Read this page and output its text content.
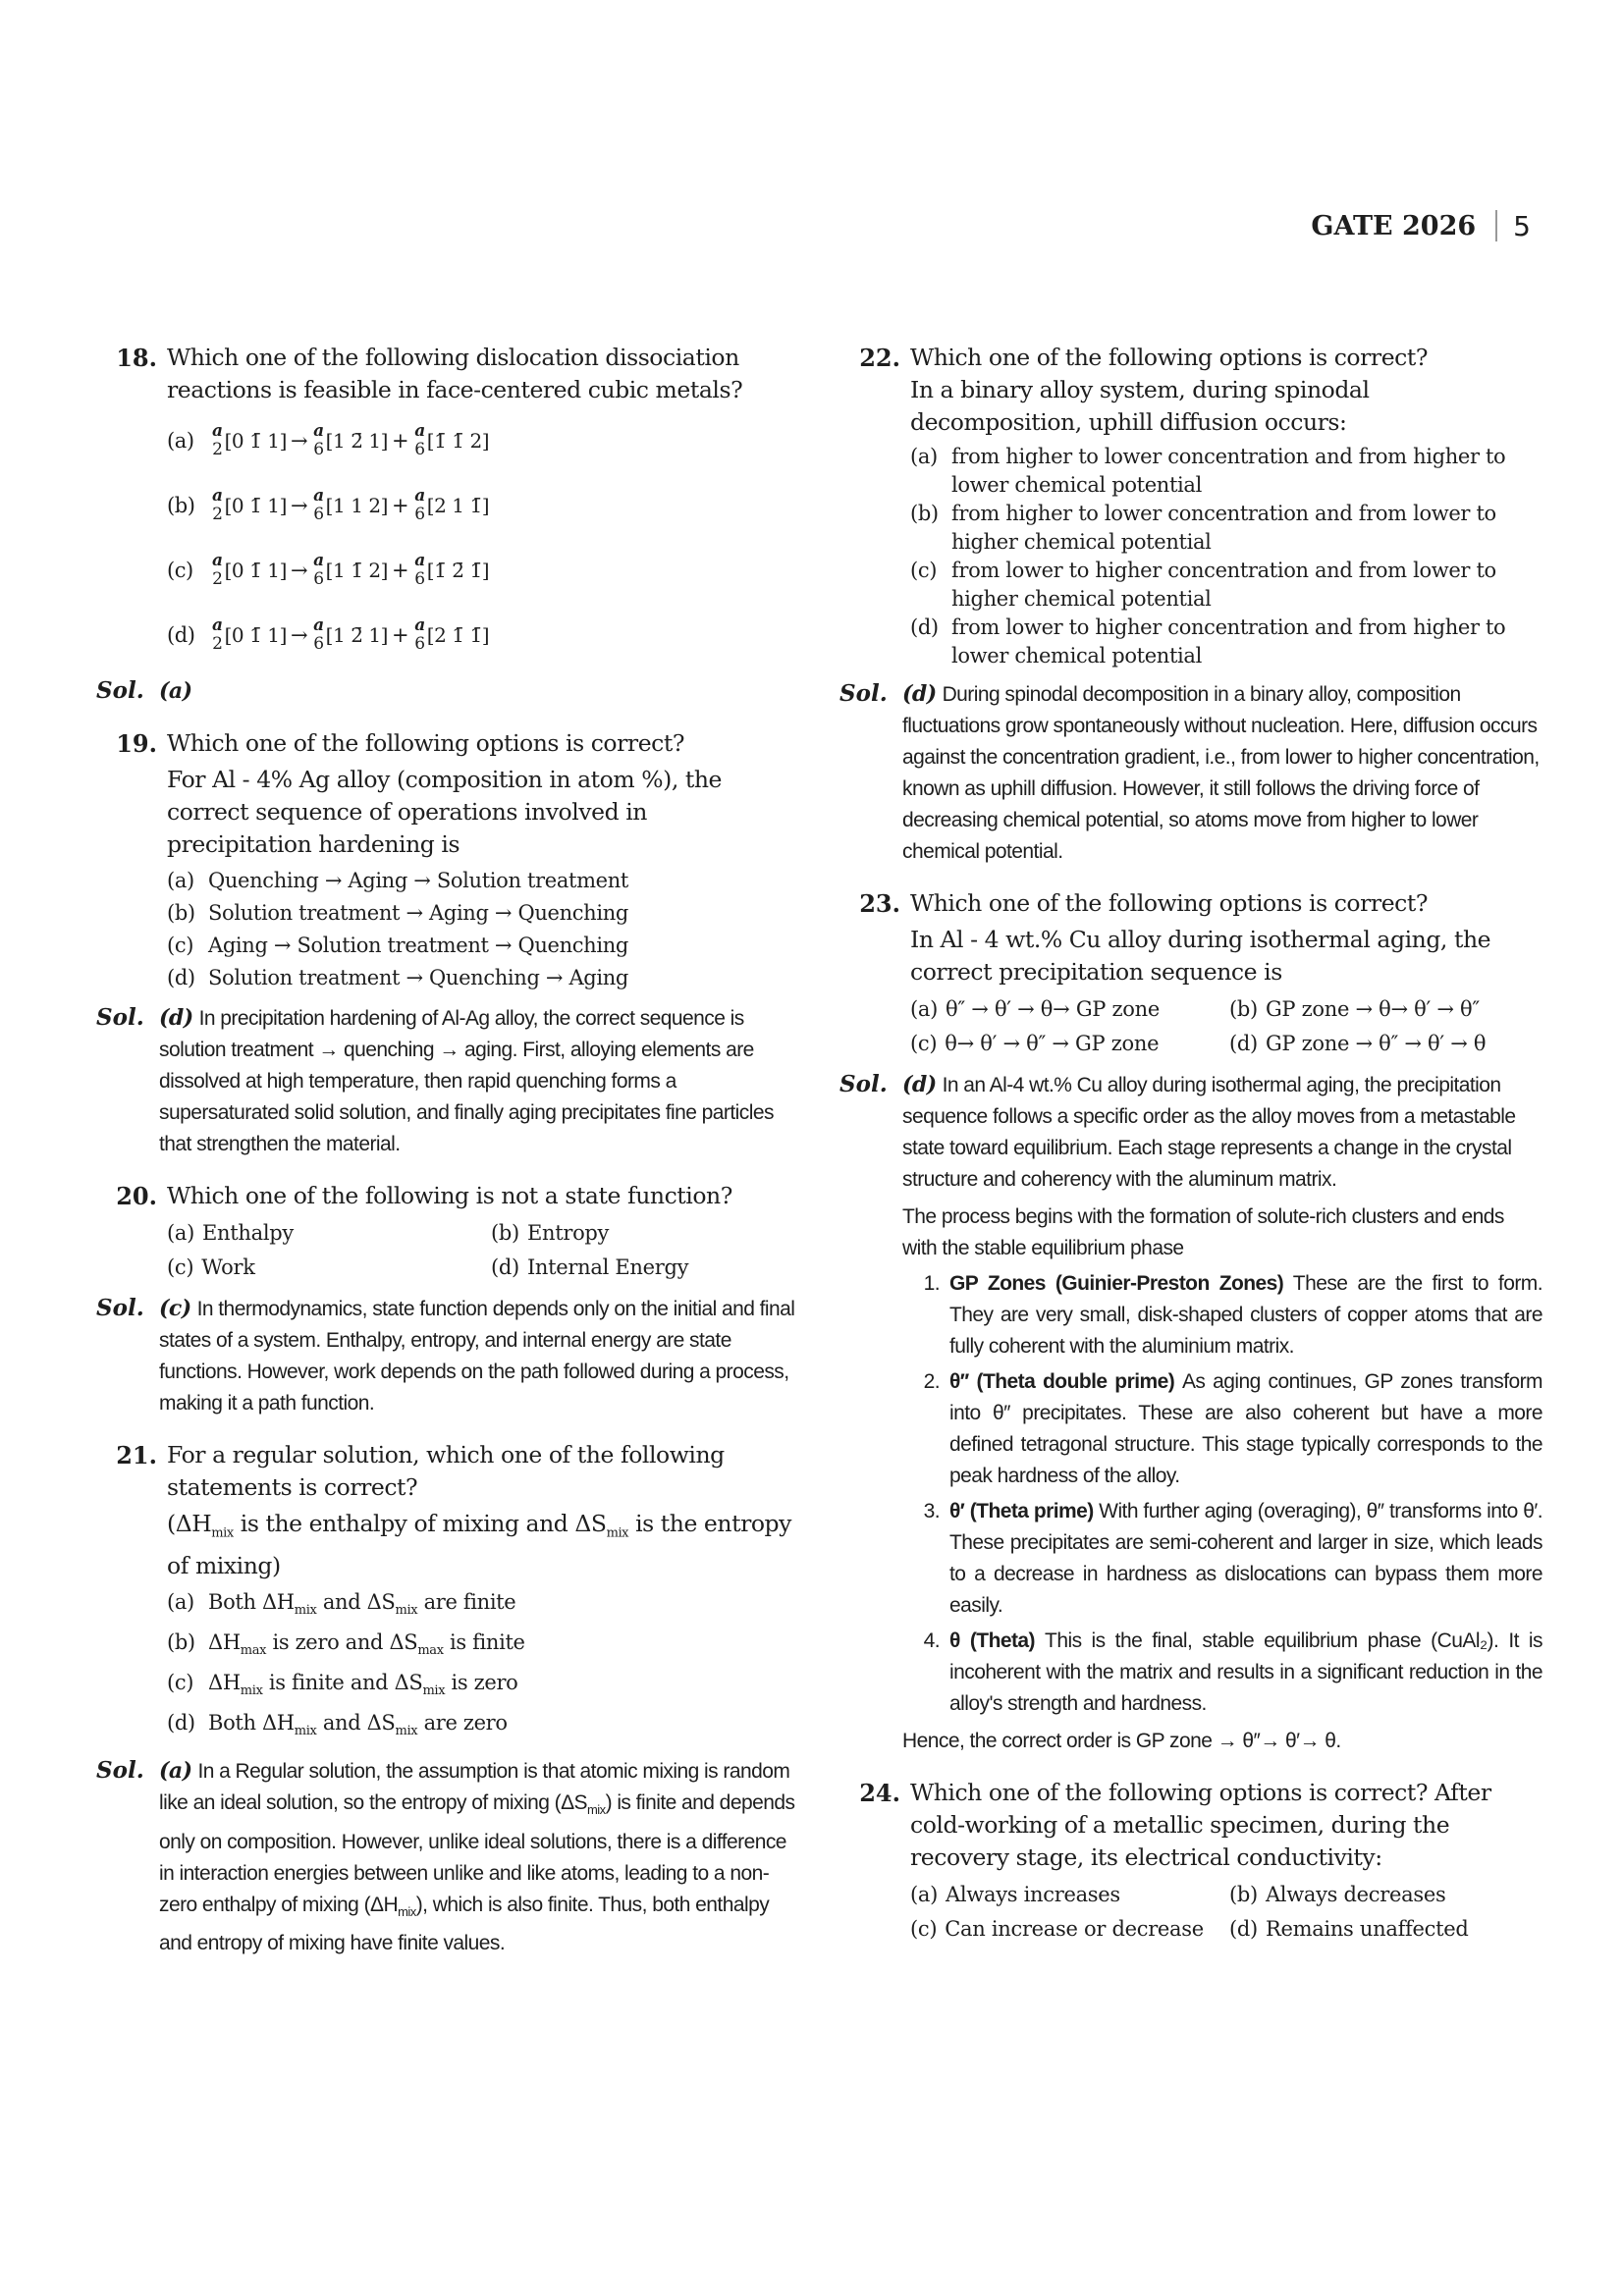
GATE 2026 5
18. Which one of the following dislocation dissociation reactions is feasible in face-centered cubic metals?
(a)	a
2 [0 1̄ 1] → a
6 [1 2̄ 1] + a
6 [1̄ 1̄ 2]
(b)	a
2 [0 1̄ 1] → a
6 [1 1 2] + a
6 [2 1 1̄]
(c)	a
2 [0 1̄ 1] → a
6 [1 1̄ 2] + a
6 [1̄ 2̄ 1̄]
(d)	a
2 [0 1̄ 1] → a
6 [1 2̄ 1] + a
6 [2 1̄ 1̄]
Sol. (a)
19. Which one of the following options is correct?
For Al - 4% Ag alloy (composition in atom %), the correct sequence of operations involved in precipitation hardening is
(a) Quenching → Aging → Solution treatment
(b) Solution treatment → Aging → Quenching
(c) Aging → Solution treatment → Quenching
(d) Solution treatment → Quenching → Aging
Sol. (d) In precipitation hardening of Al-Ag alloy, the correct sequence is solution treatment → quenching → aging. First, alloying elements are dissolved at high temperature, then rapid quenching forms a supersaturated solid solution, and finally aging precipitates fine particles that strengthen the material.
20. Which one of the following is not a state function?
(a) Enthalpy	(b) Entropy
(c) Work	(d) Internal Energy
Sol. (c) In thermodynamics, state function depends only on the initial and final states of a system. Enthalpy, entropy, and internal energy are state functions. However, work depends on the path followed during a process, making it a path function.
21. For a regular solution, which one of the following statements is correct?
($\Delta H_{mix}$ is the enthalpy of mixing and $\Delta S_{mix}$ is the entropy of mixing)
(a) Both $\Delta H_{mix}$ and $\Delta S_{mix}$ are finite
(b) $\Delta H_{max}$ is zero and $\Delta S_{max}$ is finite
(c) $\Delta H_{mix}$ is finite and $\Delta S_{mix}$ is zero
(d) Both $\Delta H_{mix}$ and $\Delta S_{mix}$ are zero
Sol. (a) In a Regular solution, the assumption is that atomic mixing is random like an ideal solution, so the entropy of mixing $(\Delta S_{mix})$ is finite and depends only on composition. However, unlike ideal solutions, there is a difference in interaction energies between unlike and like atoms, leading to a non-zero enthalpy of mixing $(\Delta H_{mix})$, which is also finite. Thus, both enthalpy and entropy of mixing have finite values.
22. Which one of the following options is correct?
In a binary alloy system, during spinodal decomposition, uphill diffusion occurs:
(a) from higher to lower concentration and from higher to lower chemical potential
(b) from higher to lower concentration and from lower to higher chemical potential
(c) from lower to higher concentration and from lower to higher chemical potential
(d) from lower to higher concentration and from higher to lower chemical potential
Sol. (d) During spinodal decomposition in a binary alloy, composition fluctuations grow spontaneously without nucleation. Here, diffusion occurs against the concentration gradient, i.e., from lower to higher concentration, known as uphill diffusion. However, it still follows the driving force of decreasing chemical potential, so atoms move from higher to lower chemical potential.
23. Which one of the following options is correct?
In Al - 4 wt.% Cu alloy during isothermal aging, the correct precipitation sequence is
(a) θ″ → θ′ → θ→ GP zone	(b) GP zone → θ→ θ′ → θ″
(c) θ→ θ′ → θ″ → GP zone	(d) GP zone → θ″ → θ′ → θ
Sol. (d) In an Al-4 wt.% Cu alloy during isothermal aging, the precipitation sequence follows a specific order as the alloy moves from a metastable state toward equilibrium. Each stage represents a change in the crystal structure and coherency with the aluminum matrix.

The process begins with the formation of solute-rich clusters and ends with the stable equilibrium phase

1. GP Zones (Guinier-Preston Zones) These are the first to form. They are very small, disk-shaped clusters of copper atoms that are fully coherent with the aluminium matrix.
2. θ′′ (Theta double prime) As aging continues, GP zones transform into θ′′ precipitates. These are also coherent but have a more defined tetragonal structure. This stage typically corresponds to the peak hardness of the alloy.
3. θ′ (Theta prime) With further aging (overaging), θ′′ transforms into θ′. These precipitates are semi-coherent and larger in size, which leads to a decrease in hardness as dislocations can bypass them more easily.
4. θ (Theta) This is the final, stable equilibrium phase (CuAl₂). It is incoherent with the matrix and results in a significant reduction in the alloy's strength and hardness.

Hence, the correct order is GP zone → θ′′→ θ′→ θ.

24. Which one of the following options is correct? After cold-working of a metallic specimen, during the recovery stage, its electrical conductivity:
(a) Always increases	(b) Always decreases
(c) Can increase or decrease	(d) Remains unaffected
